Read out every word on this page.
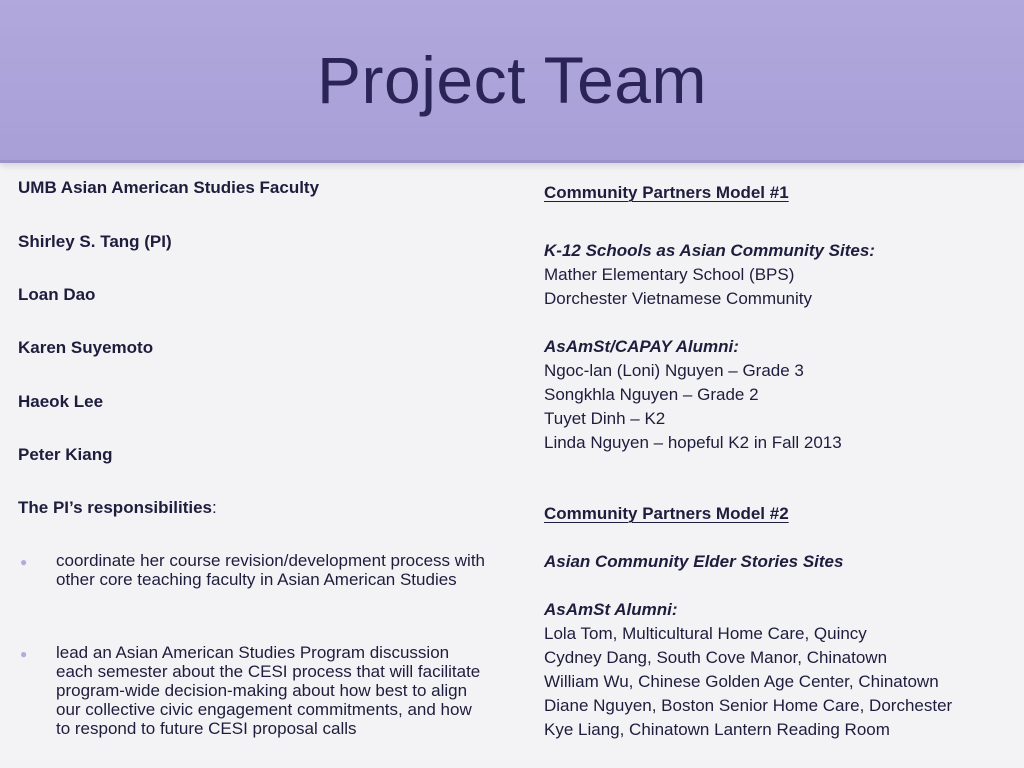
Project Team
UMB Asian American Studies Faculty
Shirley S. Tang (PI)
Loan Dao
Karen Suyemoto
Haeok Lee
Peter Kiang
The PI’s responsibilities:
● coordinate her course revision/development process with other core teaching faculty in Asian American Studies
● lead an Asian American Studies Program discussion each semester about the CESI process that will facilitate program-wide decision-making about how best to align our collective civic engagement commitments, and how to respond to future CESI proposal calls
Community Partners Model #1
K-12 Schools as Asian Community Sites:
Mather Elementary School (BPS)
Dorchester Vietnamese Community
AsAmSt/CAPAY Alumni:
Ngoc-lan (Loni) Nguyen – Grade 3
Songkhla Nguyen – Grade 2
Tuyet Dinh – K2
Linda Nguyen – hopeful K2 in Fall 2013
Community Partners Model #2
Asian Community Elder Stories Sites
AsAmSt Alumni:
Lola Tom, Multicultural Home Care, Quincy
Cydney Dang, South Cove Manor, Chinatown
William Wu, Chinese Golden Age Center, Chinatown
Diane Nguyen, Boston Senior Home Care, Dorchester
Kye Liang, Chinatown Lantern Reading Room
